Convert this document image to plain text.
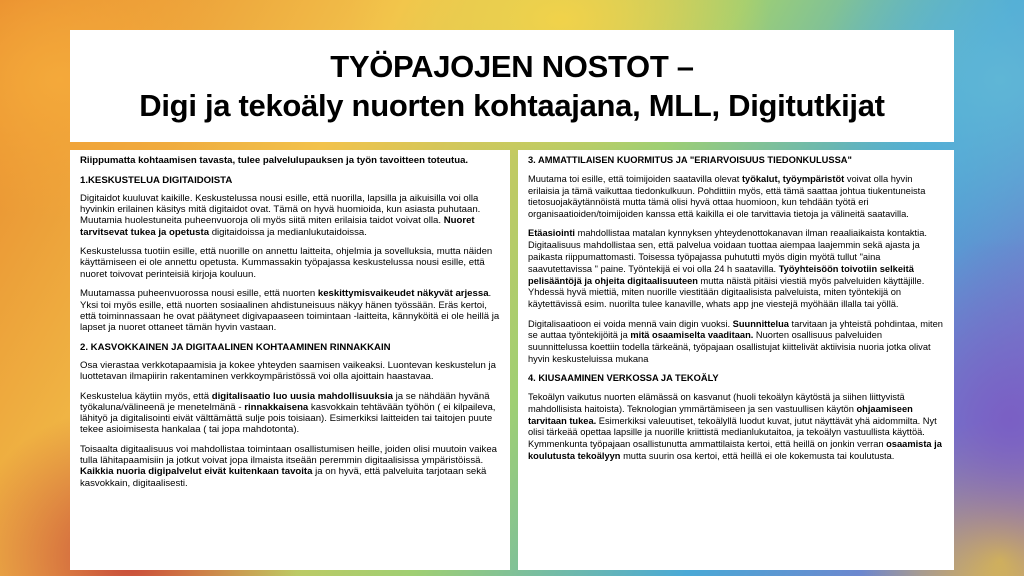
TYÖPAJOJEN NOSTOT –
Digi ja tekoäly nuorten kohtaajana, MLL, Digitutkijat

Riippumatta kohtaamisen tavasta, tulee palvelulupauksen ja työn tavoitteen toteutua.

1.KESKUSTELUA DIGITAIDOISTA

Digitaidot kuuluvat kaikille. Keskustelussa nousi esille, että nuorilla, lapsilla ja aikuisilla voi olla hyvinkin erilainen käsitys mitä digitaidot ovat. Tämä on hyvä huomioida, kun asiasta puhutaan. Muutamia huolestuneita puheenvuoroja oli myös siitä miten erilaisia taidot voivat olla. Nuoret tarvitsevat tukea ja opetusta digitaidoissa ja medianlukutaidoissa.

Keskustelussa tuotiin esille, että nuorille on annettu laitteita, ohjelmia ja sovelluksia, mutta näiden käyttämiseen ei ole annettu opetusta. Kummassakin työpajassa keskustelussa nousi esille, että nuoret toivovat perinteisiä kirjoja kouluun.

Muutamassa puheenvuorossa nousi esille, että nuorten keskittymisvaikeudet näkyvät arjessa. Yksi toi myös esille, että nuorten sosiaalinen ahdistuneisuus näkyy hänen työssään. Eräs kertoi, että toiminnassaan he ovat päätyneet digivapaaseen toimintaan -laitteita, kännyköitä ei ole heillä ja lapset ja nuoret ottaneet tämän hyvin vastaan.

2. KASVOKKAINEN JA DIGITAALINEN KOHTAAMINEN RINNAKKAIN

Osa vierastaa verkkotapaamisia ja kokee yhteyden saamisen vaikeaksi. Luontevan keskustelun ja luottetavan ilmapiirin rakentaminen verkkoympäristössä voi olla ajoittain haastavaa.

Keskustelua käytiin myös, että digitalisaatio luo uusia mahdollisuuksia ja se nähdään hyvänä työkaluna/välineenä je menetelmänä - rinnakkaisena kasvokkain tehtävään työhön ( ei kilpaileva, lähityö ja digitalisointi eivät välttämättä sulje pois toisiaan). Esimerkiksi laitteiden tai taitojen puute tekee asioimisesta hankalaa ( tai jopa mahdotonta).

Toisaalta digitaalisuus voi mahdollistaa toimintaan osallistumisen heille, joiden olisi muutoin vaikea tulla lähitapaamisiin ja jotkut voivat jopa ilmaista itseään peremmin digitaalisissa ympäristöissä. Kaikkia nuoria digipalvelut eivät kuitenkaan tavoita ja on hyvä, että palveluita tarjotaan sekä kasvokkain, digitaalisesti.

3. AMMATTILAISEN KUORMITUS JA "ERIARVOISUUS TIEDONKULUSSA"

Muutama toi esille, että toimijoiden saatavilla olevat työkalut, työympäristöt voivat olla hyvin erilaisia ja tämä vaikuttaa tiedonkulkuun. Pohdittiin myös, että tämä saattaa johtua tiukentuneista tietosuojakäytännöistä mutta tämä olisi hyvä ottaa huomioon, kun tehdään työtä eri organisaatioiden/toimijoiden kanssa että kaikilla ei ole tarvittavia tietoja ja välineitä saatavilla.

Etäasiointi mahdollistaa matalan kynnyksen yhteydenottokanavan ilman reaaliaikaista kontaktia. Digitaalisuus mahdollistaa sen, että palvelua voidaan tuottaa aiempaa laajemmin sekä ajasta ja paikasta riippumattomasti. Toisessa työpajassa puhututti myös digin myötä tullut "aina saavutettavissa " paine. Työntekijä ei voi olla 24 h saatavilla. Työyhteisöön toivotiin selkeitä pelisääntöjä ja ohjeita digitaalisuuteen mutta näistä pitäisi viestiä myös palveluiden käyttäjille. Yhdessä hyvä miettiä, miten nuorille viestitään digitaalisista palveluista, miten työntekijä on käytettävissä esim. nuorilta tulee kanaville, whats app jne viestejä myöhään illalla tai yöllä.

Digitalisaatioon ei voida mennä vain digin vuoksi. Suunnittelua tarvitaan ja yhteistä pohdintaa, miten se auttaa työntekijöitä ja mitä osaamiselta vaaditaan. Nuorten osallisuus palveluiden suunnittelussa koettiin todella tärkeänä, työpajaan osallistujat kiittelivät aktiivisia nuoria jotka olivat hyvin keskusteluissa mukana

4. KIUSAAMINEN VERKOSSA JA TEKOÄLY

Tekoälyn vaikutus nuorten elämässä on kasvanut (huoli tekoälyn käytöstä ja siihen liittyvistä mahdollisista haitoista). Teknologian ymmärtämiseen ja sen vastuullisen käytön ohjaamiseen tarvitaan tukea. Esimerkiksi valeuutiset, tekoälyllä luodut kuvat, jutut näyttävät yhä aidommilta. Nyt olisi tärkeää opettaa lapsille ja nuorille kriittistä medianlukutaitoa, ja tekoälyn vastuullista käyttöä. Kymmenkunta työpajaan osallistunutta ammattilaista kertoi, että heillä on jonkin verran osaamista ja koulutusta tekoälyyn mutta suurin osa kertoi, että heillä ei ole kokemusta tai koulutusta.
